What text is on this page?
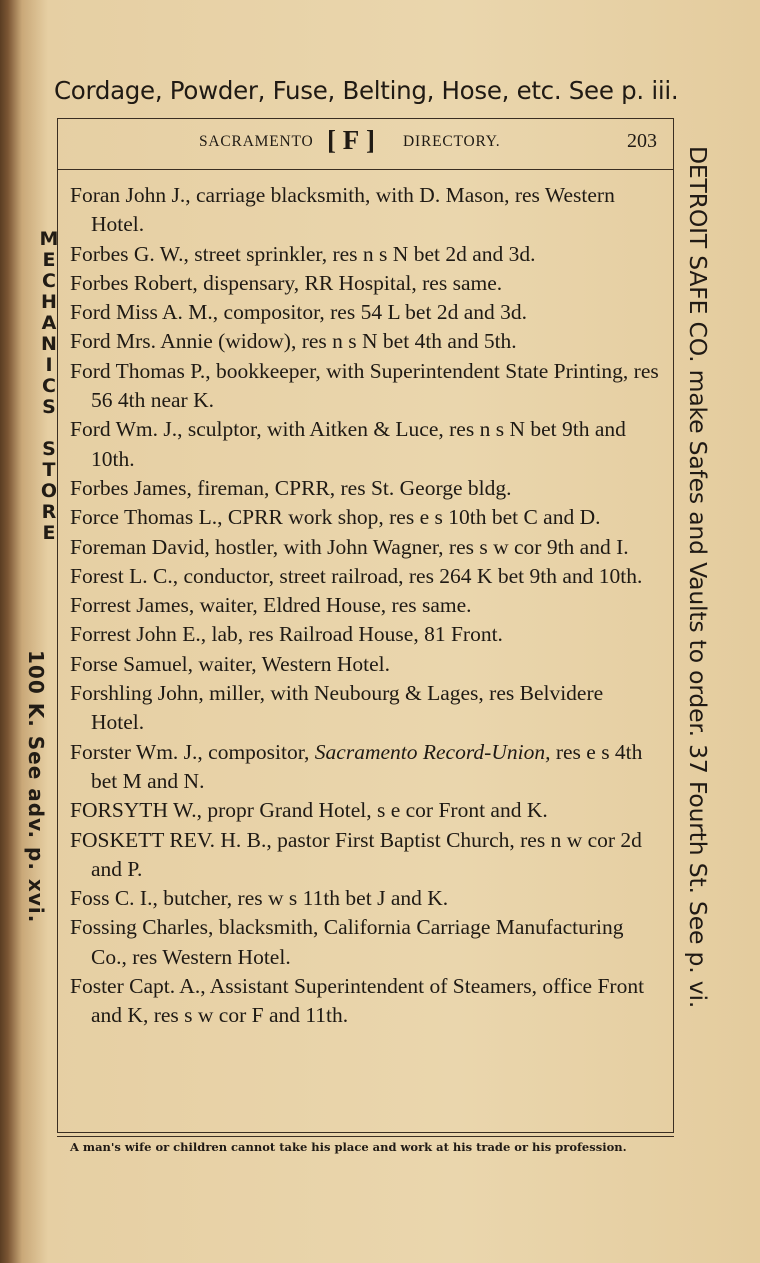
Cordage, Powder, Fuse, Belting, Hose, etc. See p. iii.
MECHANICS STORE
100 K. See adv. p. xvi.	DETROIT SAFE CO. make Safes and Vaults to order. 37 Fourth St. See p. vi.
SACRAMENTO [ F ] DIRECTORY.	203

Foran John J., carriage blacksmith, with D. Mason, res Western Hotel.

Forbes G. W., street sprinkler, res n s N bet 2d and 3d.

Forbes Robert, dispensary, RR Hospital, res same.

Ford Miss A. M., compositor, res 54 L bet 2d and 3d.

Ford Mrs. Annie (widow), res n s N bet 4th and 5th.

Ford Thomas P., bookkeeper, with Superintendent State Printing, res 56 4th near K.

Ford Wm. J., sculptor, with Aitken & Luce, res n s N bet 9th and 10th.

Forbes James, fireman, CPRR, res St. George bldg.

Force Thomas L., CPRR work shop, res e s 10th bet C and D.

Foreman David, hostler, with John Wagner, res s w cor 9th and I.

Forest L. C., conductor, street railroad, res 264 K bet 9th and 10th.

Forrest James, waiter, Eldred House, res same.

Forrest John E., lab, res Railroad House, 81 Front.

Forse Samuel, waiter, Western Hotel.

Forshling John, miller, with Neubourg & Lages, res Belvidere Hotel.

Forster Wm. J., compositor, Sacramento Record-Union, res e s 4th bet M and N.

FORSYTH W., propr Grand Hotel, s e cor Front and K.

FOSKETT REV. H. B., pastor First Baptist Church, res n w cor 2d and P.

Foss C. I., butcher, res w s 11th bet J and K.

Fossing Charles, blacksmith, California Carriage Manufacturing Co., res Western Hotel.

Foster Capt. A., Assistant Superintendent of Steamers, office Front and K, res s w cor F and 11th.

A man's wife or children cannot take his place and work at his trade or his profession.
